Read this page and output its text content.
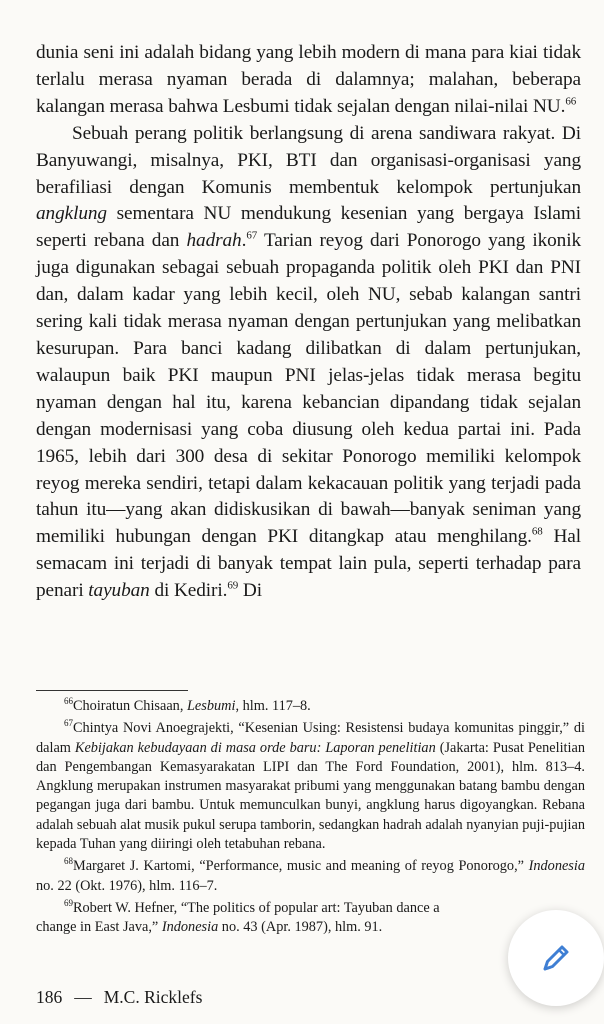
dunia seni ini adalah bidang yang lebih modern di mana para kiai tidak terlalu merasa nyaman berada di dalamnya; malahan, beberapa kalangan merasa bahwa Lesbumi tidak sejalan dengan nilai-nilai NU.$^{66}$

Sebuah perang politik berlangsung di arena sandiwara rakyat. Di Banyuwangi, misalnya, PKI, BTI dan organisasi-organisasi yang berafiliasi dengan Komunis membentuk kelompok pertunjukan angklung sementara NU mendukung kesenian yang bergaya Islami seperti rebana dan hadrah.$^{67}$ Tarian reyog dari Ponorogo yang ikonik juga digunakan sebagai sebuah propaganda politik oleh PKI dan PNI dan, dalam kadar yang lebih kecil, oleh NU, sebab kalangan santri sering kali tidak merasa nyaman dengan pertunjukan yang melibatkan kesurupan. Para banci kadang dilibatkan di dalam pertunjukan, walaupun baik PKI maupun PNI jelas-jelas tidak merasa begitu nyaman dengan hal itu, karena kebancian dipandang tidak sejalan dengan modernisasi yang coba diusung oleh kedua partai ini. Pada 1965, lebih dari 300 desa di sekitar Ponorogo memiliki kelompok reyog mereka sendiri, tetapi dalam kekacauan politik yang terjadi pada tahun itu—yang akan didiskusikan di bawah—banyak seniman yang memiliki hubungan dengan PKI ditangkap atau menghilang.$^{68}$ Hal semacam ini terjadi di banyak tempat lain pula, seperti terhadap para penari tayuban di Kediri.$^{69}$ Di

$^{66}$Choiratun Chisaan, Lesbumi, hlm. 117–8.

$^{67}$Chintya Novi Anoegrajekti, “Kesenian Using: Resistensi budaya komunitas pinggir,” di dalam Kebijakan kebudayaan di masa orde baru: Laporan penelitian (Jakarta: Pusat Penelitian dan Pengembangan Kemasyarakatan LIPI dan The Ford Foundation, 2001), hlm. 813–4. Angklung merupakan instrumen masyarakat pribumi yang menggunakan batang bambu dengan pegangan juga dari bambu. Untuk memunculkan bunyi, angklung harus digoyangkan. Rebana adalah sebuah alat musik pukul serupa tamborin, sedangkan hadrah adalah nyanyian puji-pujian kepada Tuhan yang diiringi oleh tetabuhan rebana.

$^{68}$Margaret J. Kartomi, “Performance, music and meaning of reyog Ponorogo,” Indonesia no. 22 (Okt. 1976), hlm. 116–7.

$^{69}$Robert W. Hefner, “The politics of popular art: Tayuban dance a
change in East Java,” Indonesia no. 43 (Apr. 1987), hlm. 91.

186 — M.C. Ricklefs
